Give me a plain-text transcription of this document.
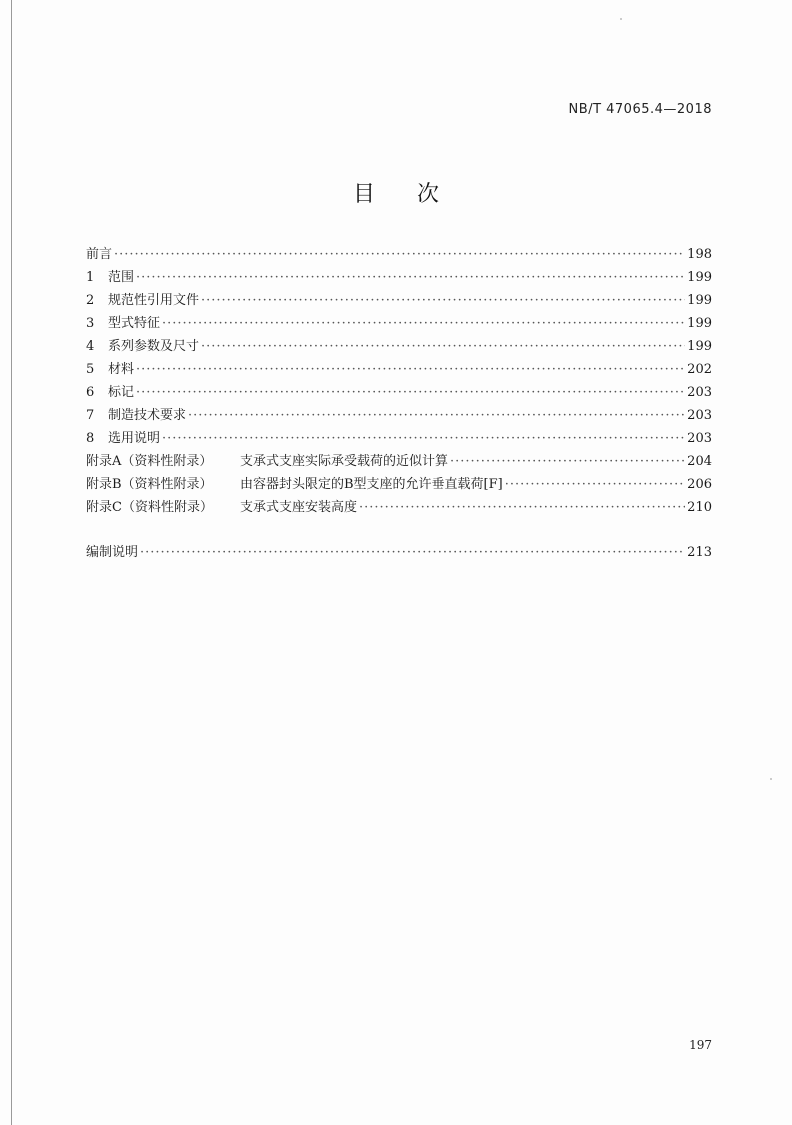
NB/T 47065.4—2018
目次
前言 ·····	198
1	范围 ·····	199
2	规范性引用文件 ·····	199
3	型式特征 ·····	199
4	系列参数及尺寸 ·····	199
5	材料 ·····	202
6	标记 ·····	203
7	制造技术要求 ·····	203
8	选用说明 ·····	203
附录A（资料性附录）	支承式支座实际承受载荷的近似计算 ·····	204
附录B（资料性附录）	由容器封头限定的B型支座的允许垂直载荷[F] ·····	206
附录C（资料性附录）	支承式支座安装高度 ·····	210
编制说明 ·····	213
197
